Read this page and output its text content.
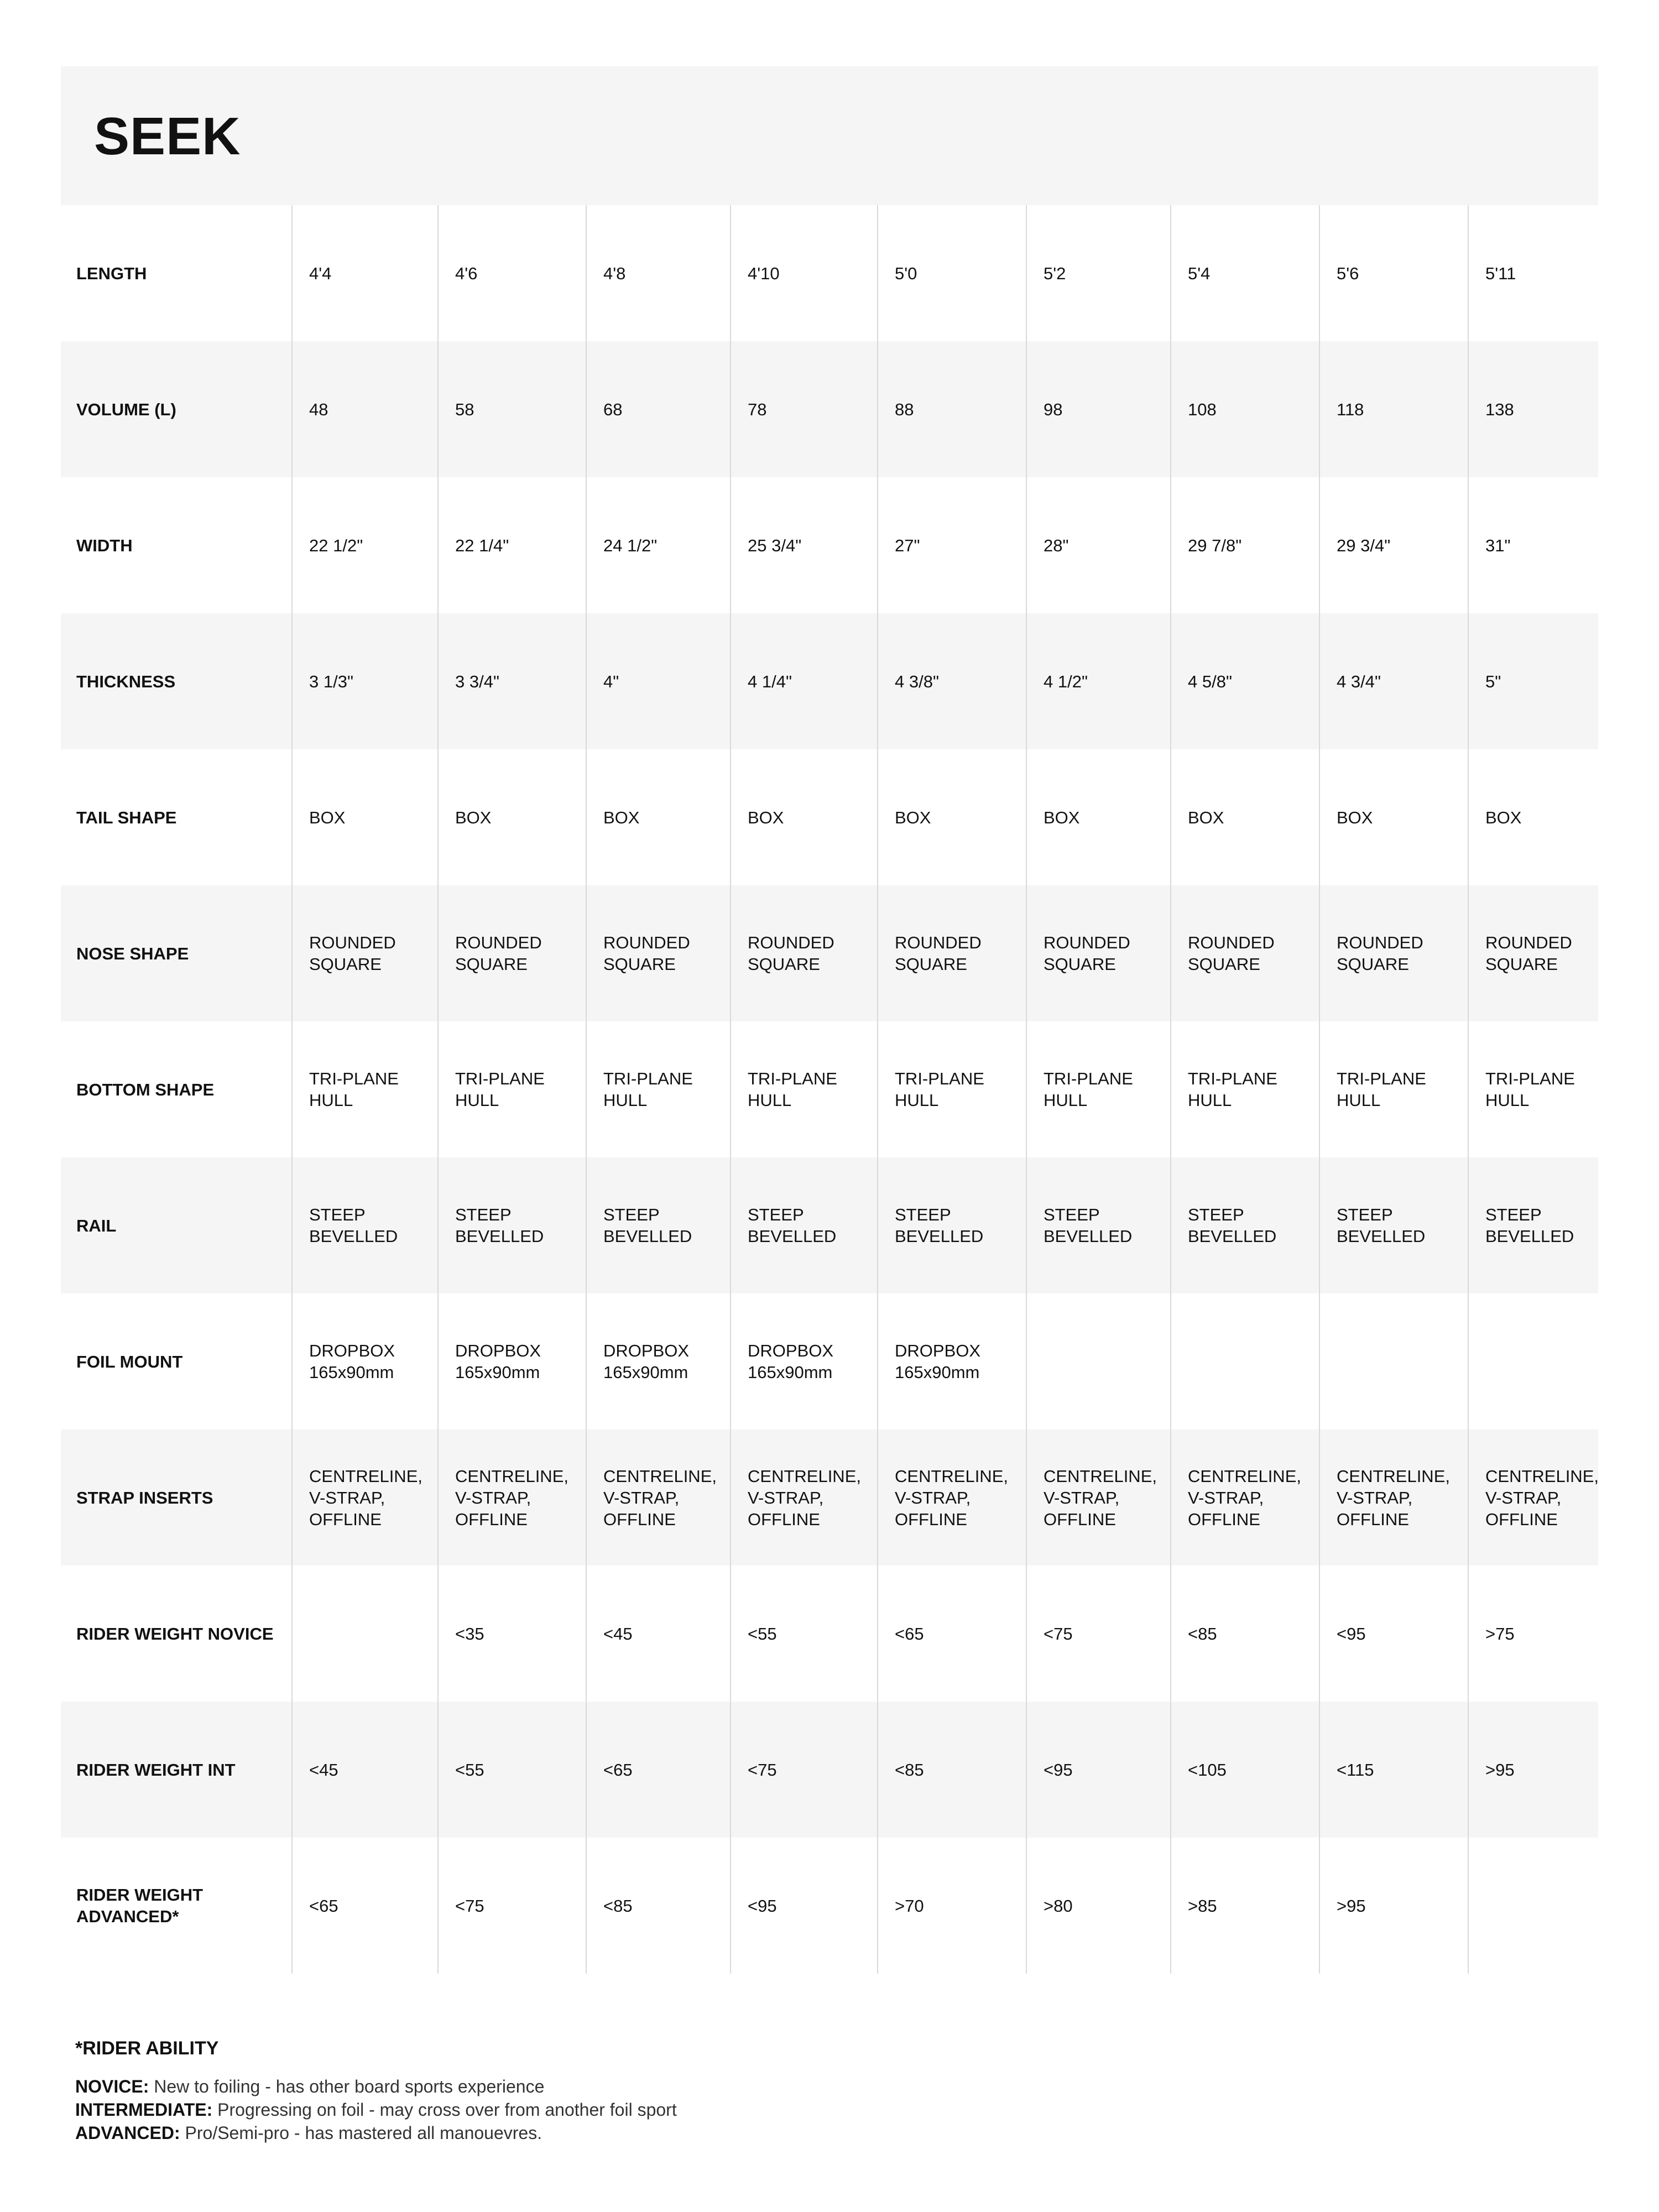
SEEK
LENGTH	4'4	4'6	4'8	4'10	5'0	5'2	5'4	5'6	5'11
VOLUME (L)	48	58	68	78	88	98	108	118	138
WIDTH	22 1/2"	22 1/4"	24 1/2"	25 3/4"	27"	28"	29 7/8"	29 3/4"	31"
THICKNESS	3 1/3"	3 3/4"	4"	4 1/4"	4 3/8"	4 1/2"	4 5/8"	4 3/4"	5"
TAIL SHAPE	BOX	BOX	BOX	BOX	BOX	BOX	BOX	BOX	BOX
NOSE SHAPE	ROUNDED SQUARE	ROUNDED SQUARE	ROUNDED SQUARE	ROUNDED SQUARE	ROUNDED SQUARE	ROUNDED SQUARE	ROUNDED SQUARE	ROUNDED SQUARE	ROUNDED SQUARE
BOTTOM SHAPE	TRI-PLANE HULL	TRI-PLANE HULL	TRI-PLANE HULL	TRI-PLANE HULL	TRI-PLANE HULL	TRI-PLANE HULL	TRI-PLANE HULL	TRI-PLANE HULL	TRI-PLANE HULL
RAIL	STEEP BEVELLED	STEEP BEVELLED	STEEP BEVELLED	STEEP BEVELLED	STEEP BEVELLED	STEEP BEVELLED	STEEP BEVELLED	STEEP BEVELLED	STEEP BEVELLED
FOIL MOUNT	DROPBOX 165x90mm	DROPBOX 165x90mm	DROPBOX 165x90mm	DROPBOX 165x90mm	DROPBOX 165x90mm				
STRAP INSERTS	CENTRELINE, V-STRAP, OFFLINE	CENTRELINE, V-STRAP, OFFLINE	CENTRELINE, V-STRAP, OFFLINE	CENTRELINE, V-STRAP, OFFLINE	CENTRELINE, V-STRAP, OFFLINE	CENTRELINE, V-STRAP, OFFLINE	CENTRELINE, V-STRAP, OFFLINE	CENTRELINE, V-STRAP, OFFLINE	CENTRELINE, V-STRAP, OFFLINE
RIDER WEIGHT NOVICE		<35	<45	<55	<65	<75	<85	<95	>75
RIDER WEIGHT INT	<45	<55	<65	<75	<85	<95	<105	<115	>95
RIDER WEIGHT ADVANCED*	<65	<75	<85	<95	>70	>80	>85	>95	
*RIDER ABILITY

NOVICE: New to foiling - has other board sports experience

INTERMEDIATE: Progressing on foil - may cross over from another foil sport

ADVANCED: Pro/Semi-pro - has mastered all manouevres.
